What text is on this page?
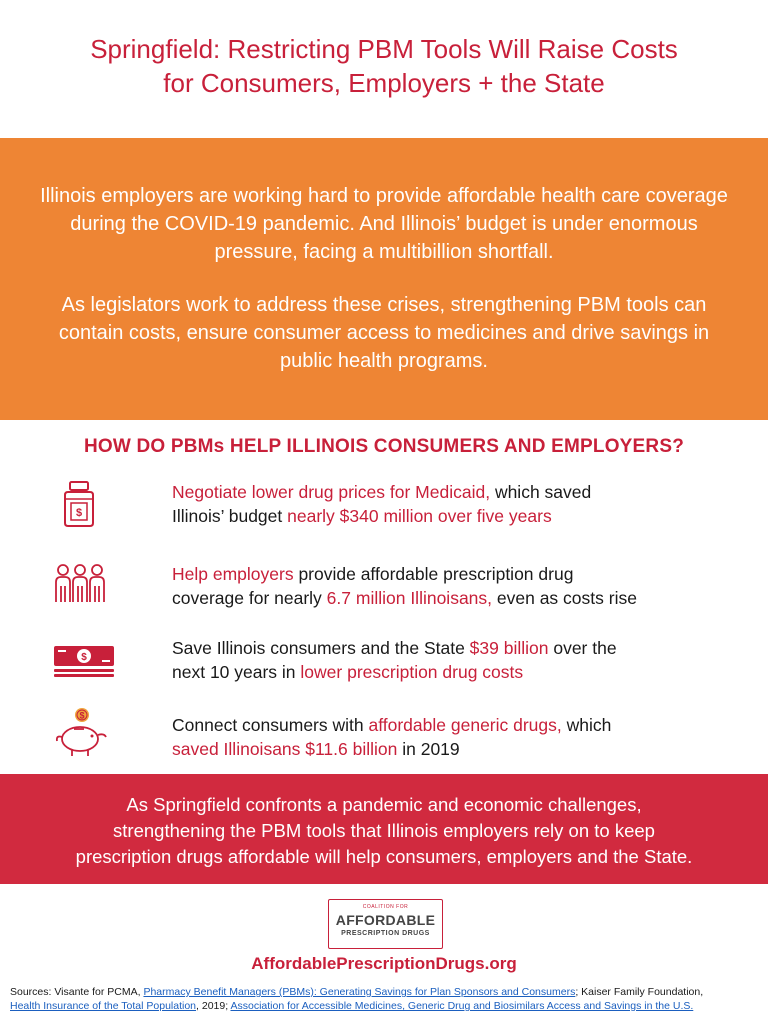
Springfield: Restricting PBM Tools Will Raise Costs
for Consumers, Employers + the State

Illinois employers are working hard to provide affordable health care coverage during the COVID-19 pandemic. And Illinois’ budget is under enormous pressure, facing a multibillion shortfall.

As legislators work to address these crises, strengthening PBM tools can contain costs, ensure consumer access to medicines and drive savings in public health programs.

HOW DO PBMs HELP ILLINOIS CONSUMERS AND EMPLOYERS?
$
Negotiate lower drug prices for Medicaid, which saved
Illinois’ budget nearly $340 million over five years
Help employers provide affordable prescription drug
coverage for nearly 6.7 million Illinoisans, even as costs rise
$	Save Illinois consumers and the State $39 billion over the
next 10 years in lower prescription drug costs
$	Connect consumers with affordable generic drugs, which
saved Illinoisans $11.6 billion in 2019
As Springfield confronts a pandemic and economic challenges,
strengthening the PBM tools that Illinois employers rely on to keep
prescription drugs affordable will help consumers, employers and the State.
COALITION FOR
AFFORDABLE
PRESCRIPTION DRUGS
AffordablePrescriptionDrugs.org
Sources: Visante for PCMA, Pharmacy Benefit Managers (PBMs): Generating Savings for Plan Sponsors and Consumers; Kaiser Family Foundation,
Health Insurance of the Total Population, 2019; Association for Accessible Medicines, Generic Drug and Biosimilars Access and Savings in the U.S.
